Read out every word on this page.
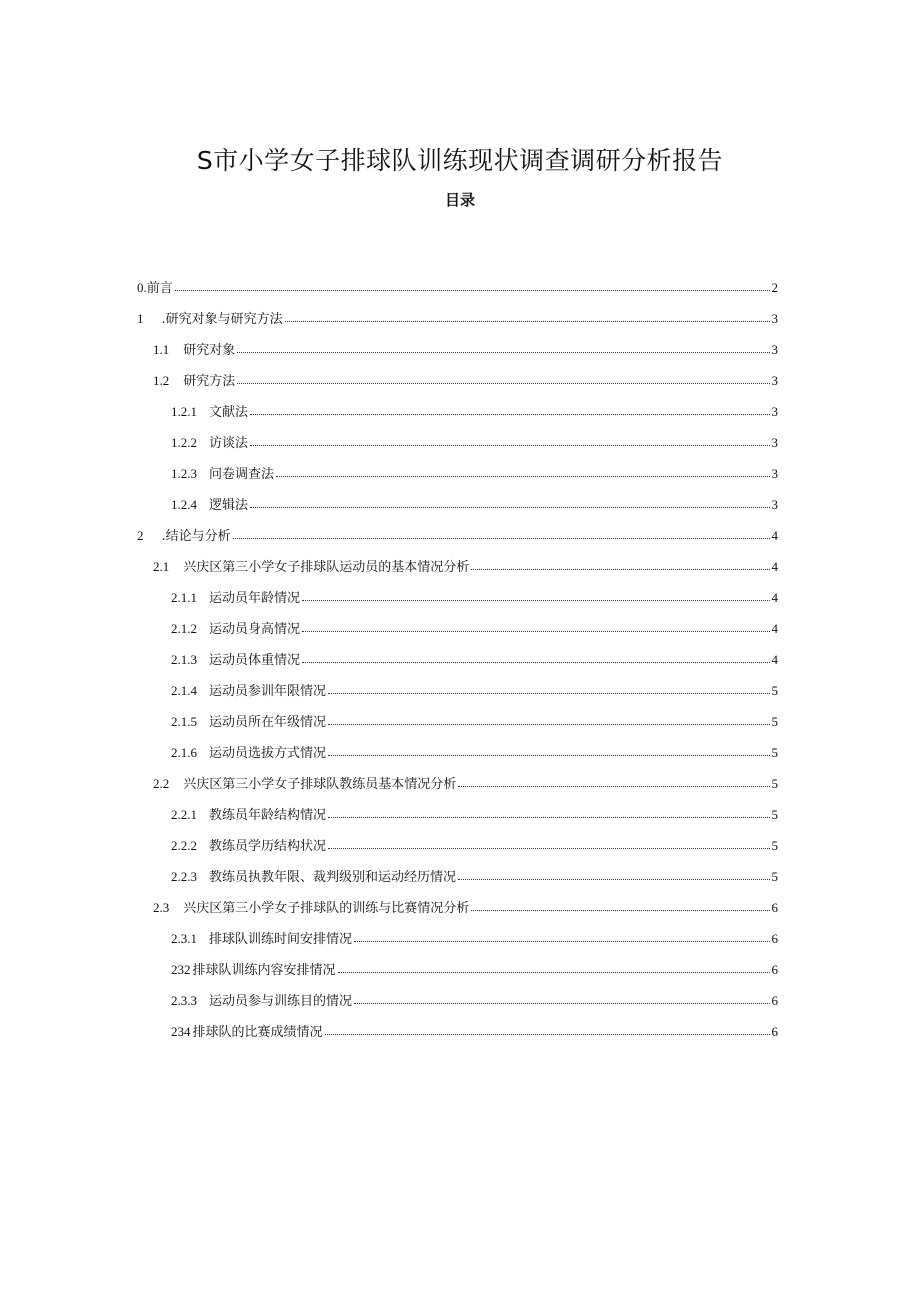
S市小学女子排球队训练现状调查调研分析报告
目录
0. 前言	2
1 .研究对象与研究方法	3
1.1 研究对象	3
1.2 研究方法	3
1.2.1 文献法	3
1.2.2 访谈法	3
1.2.3 问卷调查法	3
1.2.4 逻辑法	3
2 .结论与分析	4
2.1 兴庆区第三小学女子排球队运动员的基本情况分析	4
2.1.1 运动员年龄情况	4
2.1.2 运动员身高情况	4
2.1.3 运动员体重情况	4
2.1.4 运动员参训年限情况	5
2.1.5 运动员所在年级情况	5
2.1.6 运动员选拔方式情况	5
2.2 兴庆区第三小学女子排球队教练员基本情况分析	5
2.2.1 教练员年龄结构情况	5
2.2.2 教练员学历结构状况	5
2.2.3 教练员执教年限、裁判级别和运动经历情况	5
2.3 兴庆区第三小学女子排球队的训练与比赛情况分析	6
2.3.1 排球队训练时间安排情况	6
232 排球队训练内容安排情况	6
2.3.3 运动员参与训练目的情况	6
234 排球队的比赛成绩情况	6
